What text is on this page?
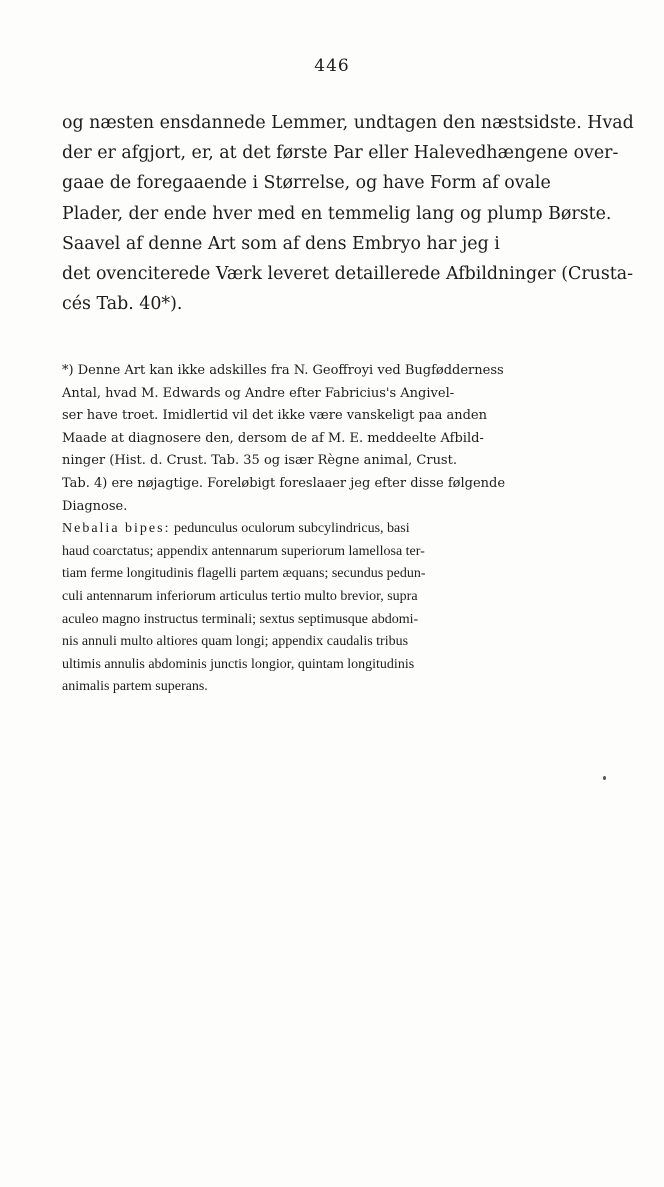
446
og næsten ensdannede Lemmer, undtagen den næstsidste. Hvad
der er afgjort, er, at det første Par eller Halevedhængene over-
gaae de foregaaende i Størrelse, og have Form af ovale
Plader, der ende hver med en temmelig lang og plump Børste.
Saavel af denne Art som af dens Embryo har jeg i
det ovenciterede Værk leveret detaillerede Afbildninger (Crusta-
cés Tab. 40*).
*) Denne Art kan ikke adskilles fra N. Geoffroyi ved Bugfødderness
Antal, hvad M. Edwards og Andre efter Fabricius's Angivel-
ser have troet. Imidlertid vil det ikke være vanskeligt paa anden
Maade at diagnosere den, dersom de af M. E. meddeelte Afbild-
ninger (Hist. d. Crust. Tab. 35 og især Règne animal, Crust.
Tab. 4) ere nøjagtige. Foreløbigt foreslaaer jeg efter disse følgende
Diagnose.
Nebalia bipes: pedunculus oculorum subcylindricus, basi
haud coarctatus; appendix antennarum superiorum lamellosa ter-
tiam ferme longitudinis flagelli partem æquans; secundus pedun-
culi antennarum inferiorum articulus tertio multo brevior, supra
aculeo magno instructus terminali; sextus septimusque abdomi-
nis annuli multo altiores quam longi; appendix caudalis tribus
ultimis annulis abdominis junctis longior, quintam longitudinis
animalis partem superans.
